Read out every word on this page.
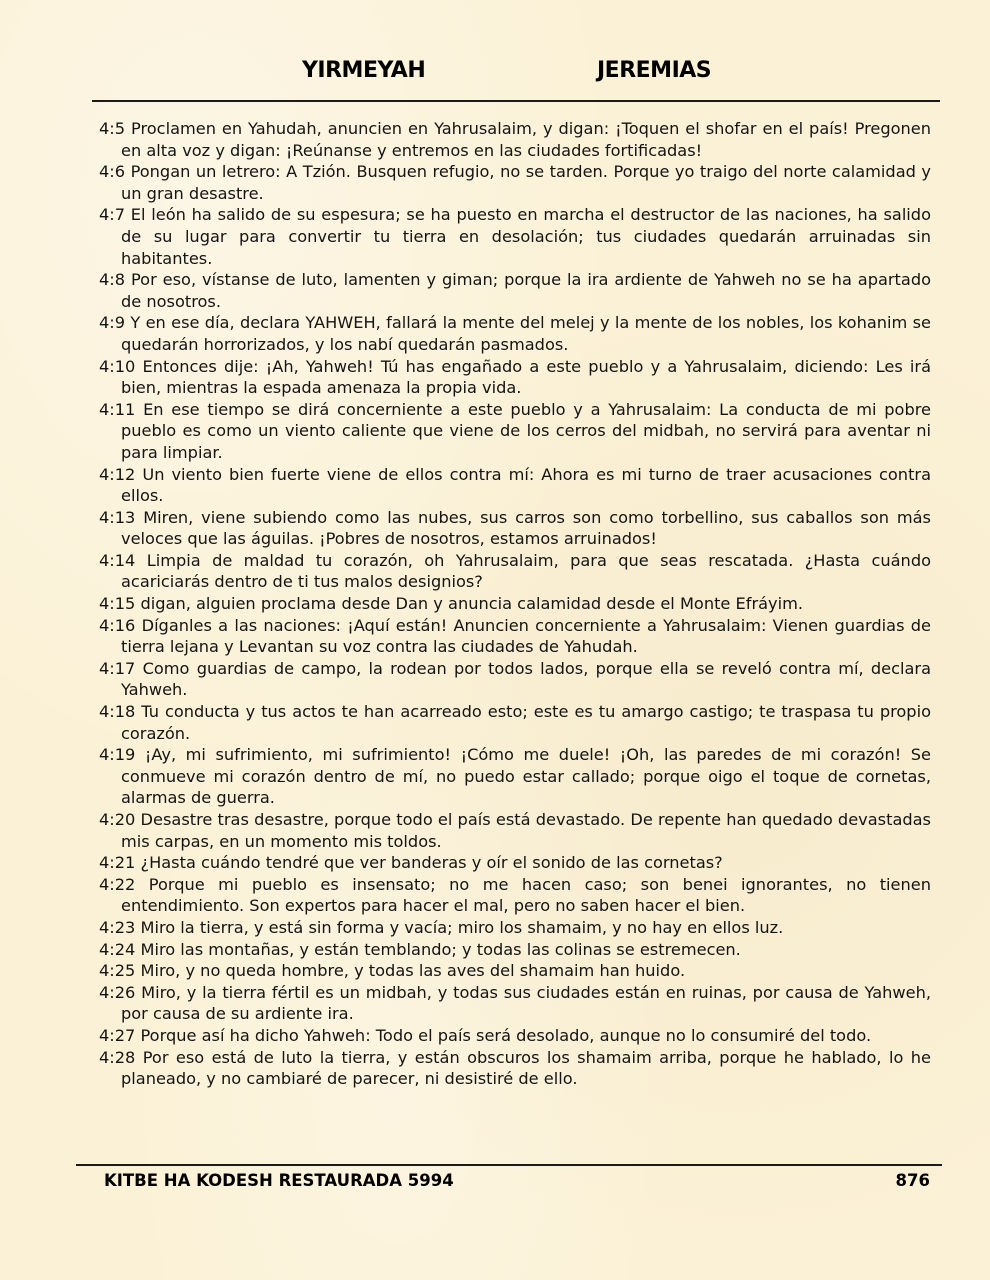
YIRMEYAH	JEREMIAS

4:5 Proclamen en Yahudah, anuncien en Yahrusalaim, y digan: ¡Toquen el shofar en el país! Pregonen en alta voz y digan: ¡Reúnanse y entremos en las ciudades fortificadas!

4:6 Pongan un letrero: A Tzión. Busquen refugio, no se tarden. Porque yo traigo del norte calamidad y un gran desastre.

4:7 El león ha salido de su espesura; se ha puesto en marcha el destructor de las naciones, ha salido de su lugar para convertir tu tierra en desolación; tus ciudades quedarán arruinadas sin habitantes.

4:8 Por eso, vístanse de luto, lamenten y giman; porque la ira ardiente de Yahweh no se ha apartado de nosotros.

4:9 Y en ese día, declara YAHWEH, fallará la mente del melej y la mente de los nobles, los kohanim se quedarán horrorizados, y los nabí quedarán pasmados.

4:10 Entonces dije: ¡Ah, Yahweh! Tú has engañado a este pueblo y a Yahrusalaim, diciendo: Les irá bien, mientras la espada amenaza la propia vida.

4:11 En ese tiempo se dirá concerniente a este pueblo y a Yahrusalaim: La conducta de mi pobre pueblo es como un viento caliente que viene de los cerros del midbah, no servirá para aventar ni para limpiar.

4:12 Un viento bien fuerte viene de ellos contra mí: Ahora es mi turno de traer acusaciones contra ellos.

4:13 Miren, viene subiendo como las nubes, sus carros son como torbellino, sus caballos son más veloces que las águilas. ¡Pobres de nosotros, estamos arruinados!

4:14 Limpia de maldad tu corazón, oh Yahrusalaim, para que seas rescatada. ¿Hasta cuándo acariciarás dentro de ti tus malos designios?

4:15 digan, alguien proclama desde Dan y anuncia calamidad desde el Monte Efráyim.

4:16 Díganles a las naciones: ¡Aquí están! Anuncien concerniente a Yahrusalaim: Vienen guardias de tierra lejana y Levantan su voz contra las ciudades de Yahudah.

4:17 Como guardias de campo, la rodean por todos lados, porque ella se reveló contra mí, declara Yahweh.

4:18 Tu conducta y tus actos te han acarreado esto; este es tu amargo castigo; te traspasa tu propio corazón.

4:19 ¡Ay, mi sufrimiento, mi sufrimiento! ¡Cómo me duele! ¡Oh, las paredes de mi corazón! Se conmueve mi corazón dentro de mí, no puedo estar callado; porque oigo el toque de cornetas, alarmas de guerra.

4:20 Desastre tras desastre, porque todo el país está devastado. De repente han quedado devastadas mis carpas, en un momento mis toldos.

4:21 ¿Hasta cuándo tendré que ver banderas y oír el sonido de las cornetas?

4:22 Porque mi pueblo es insensato; no me hacen caso; son benei ignorantes, no tienen entendimiento. Son expertos para hacer el mal, pero no saben hacer el bien.

4:23 Miro la tierra, y está sin forma y vacía; miro los shamaim, y no hay en ellos luz.

4:24 Miro las montañas, y están temblando; y todas las colinas se estremecen.

4:25 Miro, y no queda hombre, y todas las aves del shamaim han huido.

4:26 Miro, y la tierra fértil es un midbah, y todas sus ciudades están en ruinas, por causa de Yahweh, por causa de su ardiente ira.

4:27 Porque así ha dicho Yahweh: Todo el país será desolado, aunque no lo consumiré del todo.

4:28 Por eso está de luto la tierra, y están obscuros los shamaim arriba, porque he hablado, lo he planeado, y no cambiaré de parecer, ni desistiré de ello.

KITBE HA KODESH RESTAURADA 5994	876
